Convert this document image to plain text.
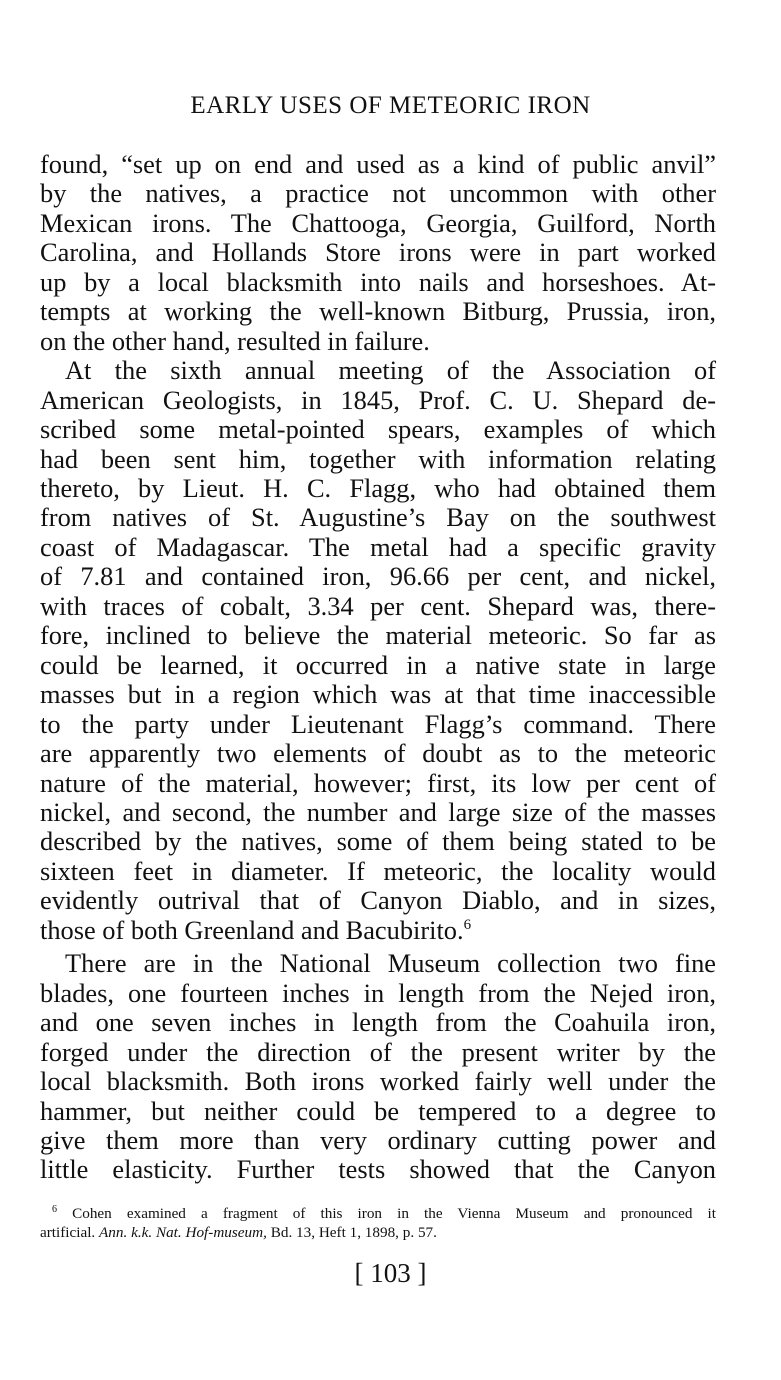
EARLY USES OF METEORIC IRON
found, “set up on end and used as a kind of public anvil”
by the natives, a practice not uncommon with other
Mexican irons. The Chattooga, Georgia, Guilford, North
Carolina, and Hollands Store irons were in part worked
up by a local blacksmith into nails and horseshoes. At-
tempts at working the well-known Bitburg, Prussia, iron,
on the other hand, resulted in failure.
At the sixth annual meeting of the Association of
American Geologists, in 1845, Prof. C. U. Shepard de-
scribed some metal-pointed spears, examples of which
had been sent him, together with information relating
thereto, by Lieut. H. C. Flagg, who had obtained them
from natives of St. Augustine’s Bay on the southwest
coast of Madagascar. The metal had a specific gravity
of 7.81 and contained iron, 96.66 per cent, and nickel,
with traces of cobalt, 3.34 per cent. Shepard was, there-
fore, inclined to believe the material meteoric. So far as
could be learned, it occurred in a native state in large
masses but in a region which was at that time inaccessible
to the party under Lieutenant Flagg’s command. There
are apparently two elements of doubt as to the meteoric
nature of the material, however; first, its low per cent of
nickel, and second, the number and large size of the masses
described by the natives, some of them being stated to be
sixteen feet in diameter. If meteoric, the locality would
evidently outrival that of Canyon Diablo, and in sizes,
those of both Greenland and Bacubirito.$^6$
There are in the National Museum collection two fine
blades, one fourteen inches in length from the Nejed iron,
and one seven inches in length from the Coahuila iron,
forged under the direction of the present writer by the
local blacksmith. Both irons worked fairly well under the
hammer, but neither could be tempered to a degree to
give them more than very ordinary cutting power and
little elasticity. Further tests showed that the Canyon
$^6$ Cohen examined a fragment of this iron in the Vienna Museum and pronounced it
artificial. Ann. k.k. Nat. Hof-museum, Bd. 13, Heft 1, 1898, p. 57.
[ 103 ]
